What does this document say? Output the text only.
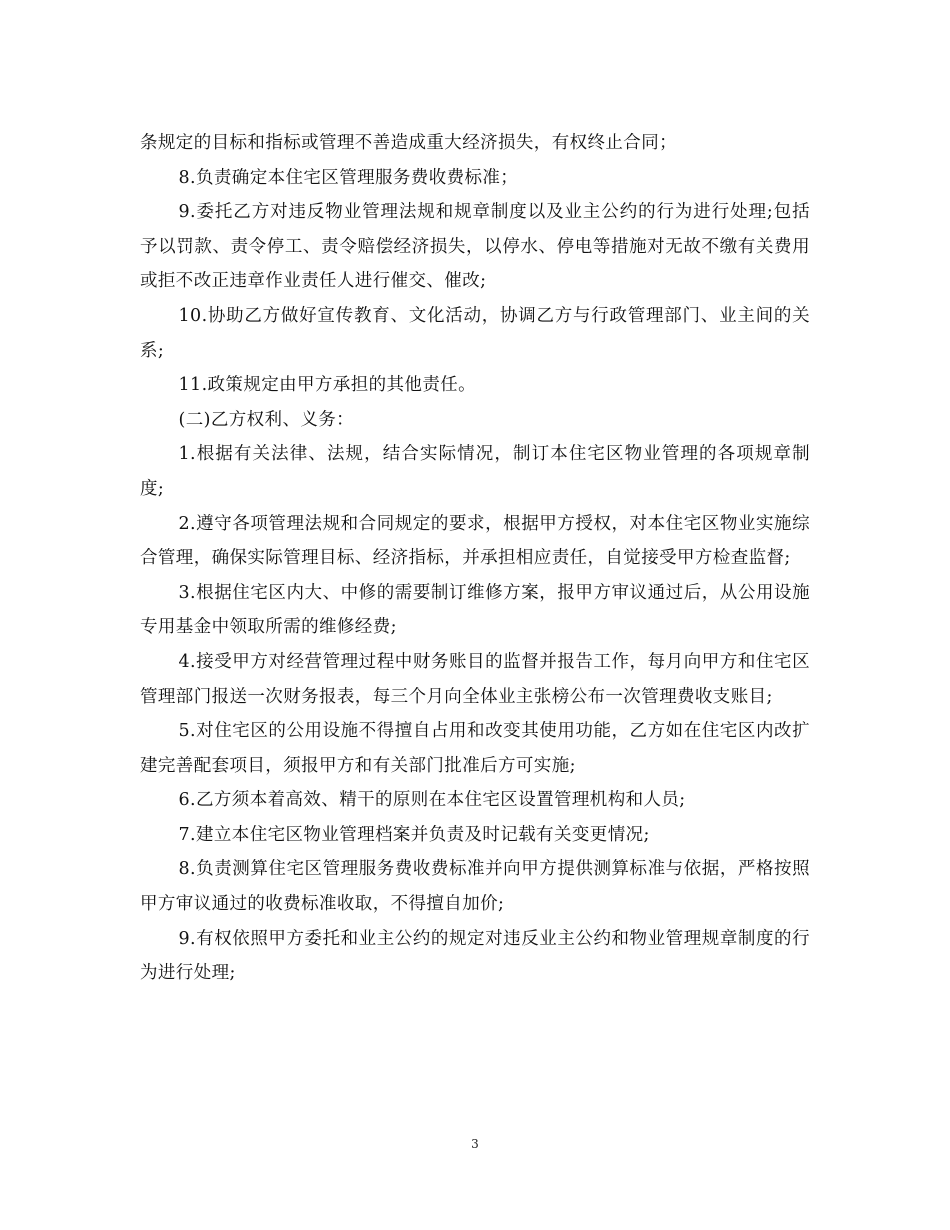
条规定的目标和指标或管理不善造成重大经济损失，有权终止合同；

8.负责确定本住宅区管理服务费收费标准；

9.委托乙方对违反物业管理法规和规章制度以及业主公约的行为进行处理;包括予以罚款、责令停工、责令赔偿经济损失，以停水、停电等措施对无故不缴有关费用或拒不改正违章作业责任人进行催交、催改;

10.协助乙方做好宣传教育、文化活动，协调乙方与行政管理部门、业主间的关系;

11.政策规定由甲方承担的其他责任。

(二)乙方权利、义务：

1.根据有关法律、法规，结合实际情况，制订本住宅区物业管理的各项规章制度;

2.遵守各项管理法规和合同规定的要求，根据甲方授权，对本住宅区物业实施综合管理，确保实际管理目标、经济指标，并承担相应责任，自觉接受甲方检查监督;

3.根据住宅区内大、中修的需要制订维修方案，报甲方审议通过后，从公用设施专用基金中领取所需的维修经费;

4.接受甲方对经营管理过程中财务账目的监督并报告工作，每月向甲方和住宅区管理部门报送一次财务报表，每三个月向全体业主张榜公布一次管理费收支账目;

5.对住宅区的公用设施不得擅自占用和改变其使用功能，乙方如在住宅区内改扩建完善配套项目，须报甲方和有关部门批准后方可实施;

6.乙方须本着高效、精干的原则在本住宅区设置管理机构和人员;

7.建立本住宅区物业管理档案并负责及时记载有关变更情况;

8.负责测算住宅区管理服务费收费标准并向甲方提供测算标准与依据，严格按照甲方审议通过的收费标准收取，不得擅自加价;

9.有权依照甲方委托和业主公约的规定对违反业主公约和物业管理规章制度的行为进行处理;

3
